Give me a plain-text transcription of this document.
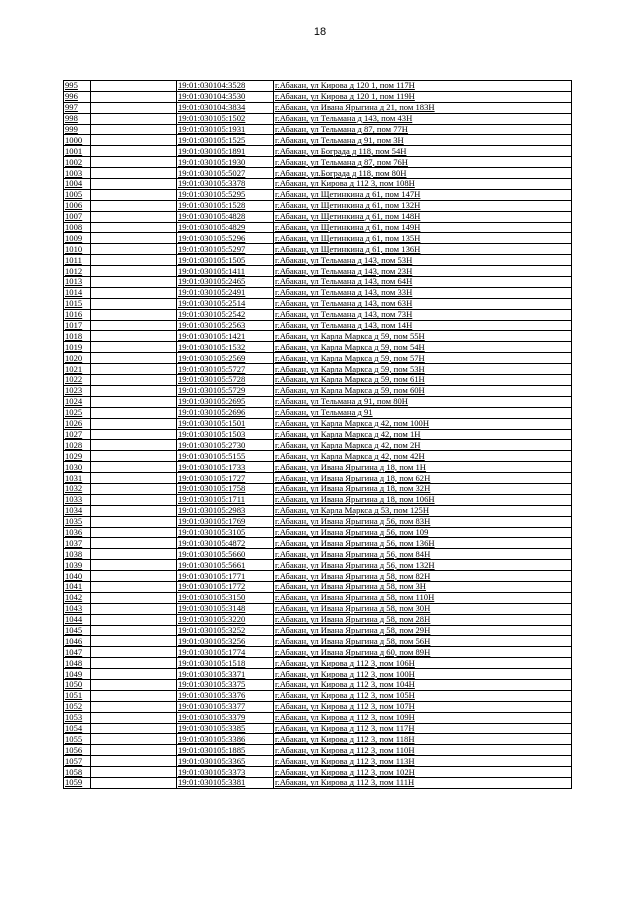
18
995		19:01:030104:3528	г.Абакан, ул Кирова д 120 1, пом 117Н
996		19:01:030104:3530	г.Абакан, ул Кирова д 120 1, пом 119Н
997		19:01:030104:3834	г.Абакан, ул Ивана Ярыгина д 21, пом 183Н
998		19:01:030105:1502	г.Абакан, ул Тельмана д 143, пом 43Н
999		19:01:030105:1931	г.Абакан, ул Тельмана д 87, пом 77Н
1000		19:01:030105:1525	г.Абакан, ул Тельмана д 91, пом 3Н
1001		19:01:030105:1891	г.Абакан, ул Бограда д 118, пом 54Н
1002		19:01:030105:1930	г.Абакан, ул Тельмана д 87, пом 76Н
1003		19:01:030105:5027	г.Абакан, ул.Бограда д 118, пом 80Н
1004		19:01:030105:3378	г.Абакан, ул Кирова д 112 3, пом 108Н
1005		19:01:030105:5295	г.Абакан, ул Щетинкина д 61, пом 147Н
1006		19:01:030105:1528	г.Абакан, ул Щетинкина д 61, пом 132Н
1007		19:01:030105:4828	г.Абакан, ул Щетинкина д 61, пом 148Н
1008		19:01:030105:4829	г.Абакан, ул Щетинкина д 61, пом 149Н
1009		19:01:030105:5296	г.Абакан, ул Щетинкина д 61, пом 135Н
1010		19:01:030105:5297	г.Абакан, ул Щетинкина д 61, пом 136Н
1011		19:01:030105:1505	г.Абакан, ул Тельмана д 143, пом 53Н
1012		19:01:030105:1411	г.Абакан, ул Тельмана д 143, пом 23Н
1013		19:01:030105:2465	г.Абакан, ул Тельмана д 143, пом 64Н
1014		19:01:030105:2491	г.Абакан, ул Тельмана д 143, пом 33Н
1015		19:01:030105:2514	г.Абакан, ул Тельмана д 143, пом 63Н
1016		19:01:030105:2542	г.Абакан, ул Тельмана д 143, пом 73Н
1017		19:01:030105:2563	г.Абакан, ул Тельмана д 143, пом 14Н
1018		19:01:030105:1421	г.Абакан, ул Карла Маркса д 59, пом 55Н
1019		19:01:030105:1532	г.Абакан, ул Карла Маркса д 59, пом 54Н
1020		19:01:030105:2569	г.Абакан, ул Карла Маркса д 59, пом 57Н
1021		19:01:030105:5727	г.Абакан, ул Карла Маркса д 59, пом 53Н
1022		19:01:030105:5728	г.Абакан, ул Карла Маркса д 59, пом 61Н
1023		19:01:030105:5729	г.Абакан, ул Карла Маркса д 59, пом 60Н
1024		19:01:030105:2695	г.Абакан, ул Тельмана д 91, пом 80Н
1025		19:01:030105:2696	г.Абакан, ул Тельмана д 91
1026		19:01:030105:1501	г.Абакан, ул Карла Маркса д 42, пом 100Н
1027		19:01:030105:1503	г.Абакан, ул Карла Маркса д 42, пом 1Н
1028		19:01:030105:2730	г.Абакан, ул Карла Маркса д 42, пом 2Н
1029		19:01:030105:5155	г.Абакан, ул Карла Маркса д 42, пом 42Н
1030		19:01:030105:1733	г.Абакан, ул Ивана Ярыгина д 18, пом 1Н
1031		19:01:030105:1727	г.Абакан, ул Ивана Ярыгина д 18, пом 62Н
1032		19:01:030105:1758	г.Абакан, ул Ивана Ярыгина д 18, пом 32Н
1033		19:01:030105:1711	г.Абакан, ул Ивана Ярыгина д 18, пом 106Н
1034		19:01:030105:2983	г.Абакан, ул Карла Маркса д 53, пом 125Н
1035		19:01:030105:1769	г.Абакан, ул Ивана Ярыгина д 56, пом 83Н
1036		19:01:030105:3105	г.Абакан, ул Ивана Ярыгина д 56, пом 109
1037		19:01:030105:4872	г.Абакан, ул Ивана Ярыгина д 56, пом 136Н
1038		19:01:030105:5660	г.Абакан, ул Ивана Ярыгина д 56, пом 84Н
1039		19:01:030105:5661	г.Абакан, ул Ивана Ярыгина д 56, пом 132Н
1040		19:01:030105:1771	г.Абакан, ул Ивана Ярыгина д 58, пом 82Н
1041		19:01:030105:1772	г.Абакан, ул Ивана Ярыгина д 58, пом 3Н
1042		19:01:030105:3150	г.Абакан, ул Ивана Ярыгина д 58, пом 110Н
1043		19:01:030105:3148	г.Абакан, ул Ивана Ярыгина д 58, пом 30Н
1044		19:01:030105:3220	г.Абакан, ул Ивана Ярыгина д 58, пом 28Н
1045		19:01:030105:3252	г.Абакан, ул Ивана Ярыгина д 58, пом 29Н
1046		19:01:030105:3256	г.Абакан, ул Ивана Ярыгина д 58, пом 56Н
1047		19:01:030105:1774	г.Абакан, ул Ивана Ярыгина д 60, пом 89Н
1048		19:01:030105:1518	г.Абакан, ул Кирова д 112 3, пом 106Н
1049		19:01:030105:3371	г.Абакан, ул Кирова д 112 3, пом 100Н
1050		19:01:030105:3375	г.Абакан, ул Кирова д 112 3, пом 104Н
1051		19:01:030105:3376	г.Абакан, ул Кирова д 112 3, пом 105Н
1052		19:01:030105:3377	г.Абакан, ул Кирова д 112 3, пом 107Н
1053		19:01:030105:3379	г.Абакан, ул Кирова д 112 3, пом 109Н
1054		19:01:030105:3385	г.Абакан, ул Кирова д 112 3, пом 117Н
1055		19:01:030105:3386	г.Абакан, ул Кирова д 112 3, пом 118Н
1056		19:01:030105:1885	г.Абакан, ул Кирова д 112 3, пом 110Н
1057		19:01:030105:3365	г.Абакан, ул Кирова д 112 3, пом 113Н
1058		19:01:030105:3373	г.Абакан, ул Кирова д 112 3, пом 102Н
1059		19:01:030105:3381	г.Абакан, ул Кирова д 112 3, пом 111Н
